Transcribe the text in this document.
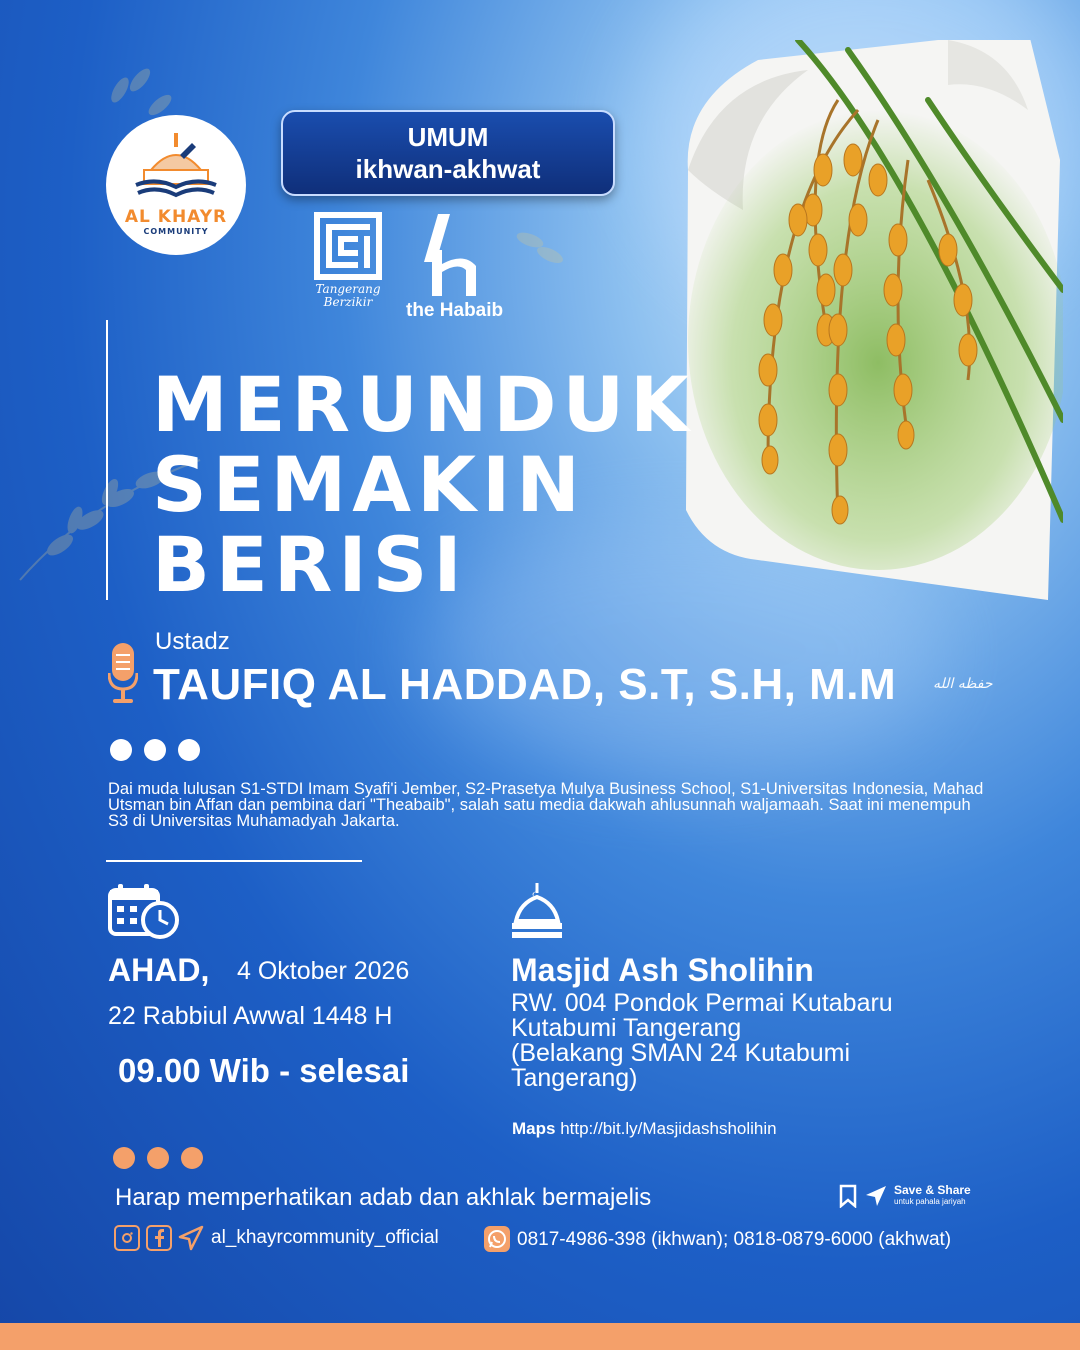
AL KHAYR
COMMUNITY
UMUM
ikhwan-akhwat
Tangerang Berzikir	the Habaib
MERUNDUK
SEMAKIN
BERISI
Ustadz
TAUFIQ AL HADDAD, S.T, S.H, M.M	حفظه الله
Dai muda lulusan S1-STDI Imam Syafi'i Jember, S2-Prasetya Mulya Business School, S1-Universitas Indonesia, Mahad Utsman bin Affan dan pembina dari "Theabaib", salah satu media dakwah ahlusunnah waljamaah. Saat ini menempuh S3 di Universitas Muhamadyah Jakarta.
AHAD, 4 Oktober 2026
22 Rabbiul Awwal 1448 H
09.00 Wib - selesai
Masjid Ash Sholihin
RW. 004 Pondok Permai Kutabaru
Kutabumi Tangerang
(Belakang SMAN 24 Kutabumi
Tangerang)
Maps http://bit.ly/Masjidashsholihin
Harap memperhatikan adab dan akhlak bermajelis	Save & Share
untuk pahala jariyah
al_khayrcommunity_official	0817-4986-398 (ikhwan); 0818-0879-6000 (akhwat)
